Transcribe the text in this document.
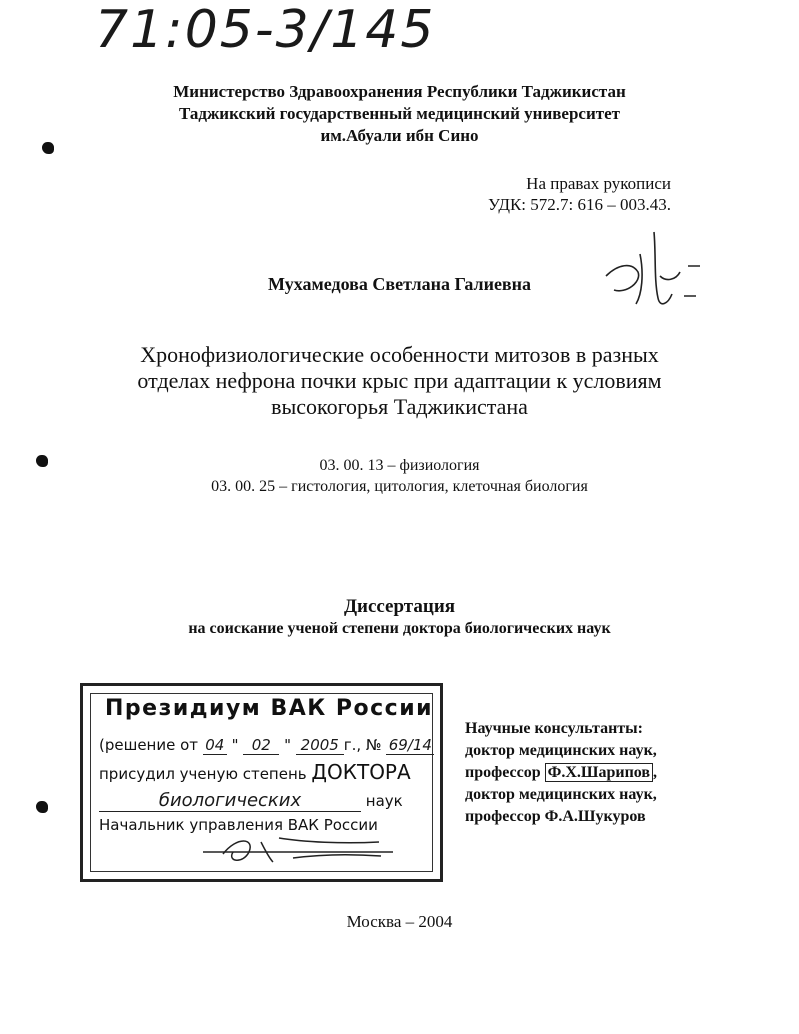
71:05-3/145
Министерство Здравоохранения Республики Таджикистан
Таджикский государственный медицинский университет
им.Абуали ибн Сино
На правах рукописи
УДК: 572.7: 616 – 003.43.
Мухамедова Светлана Галиевна
Хронофизиологические особенности митозов в разных
отделах нефрона почки крыс при адаптации к условиям
высокогорья Таджикистана
03. 00. 13 – физиология
03. 00. 25 – гистология, цитология, клеточная биология
Диссертация
на соискание ученой степени доктора биологических наук
Президиум ВАК России
(решение от 04 " 02 " 2005 г., № 69/14
присудил ученую степень ДОКТОРА
биологических	наук
Начальник управления ВАК России
Научные консультанты:
доктор медицинских наук,
профессор Ф.Х.Шарипов ,
доктор медицинских наук,
профессор Ф.А.Шукуров
Москва – 2004
